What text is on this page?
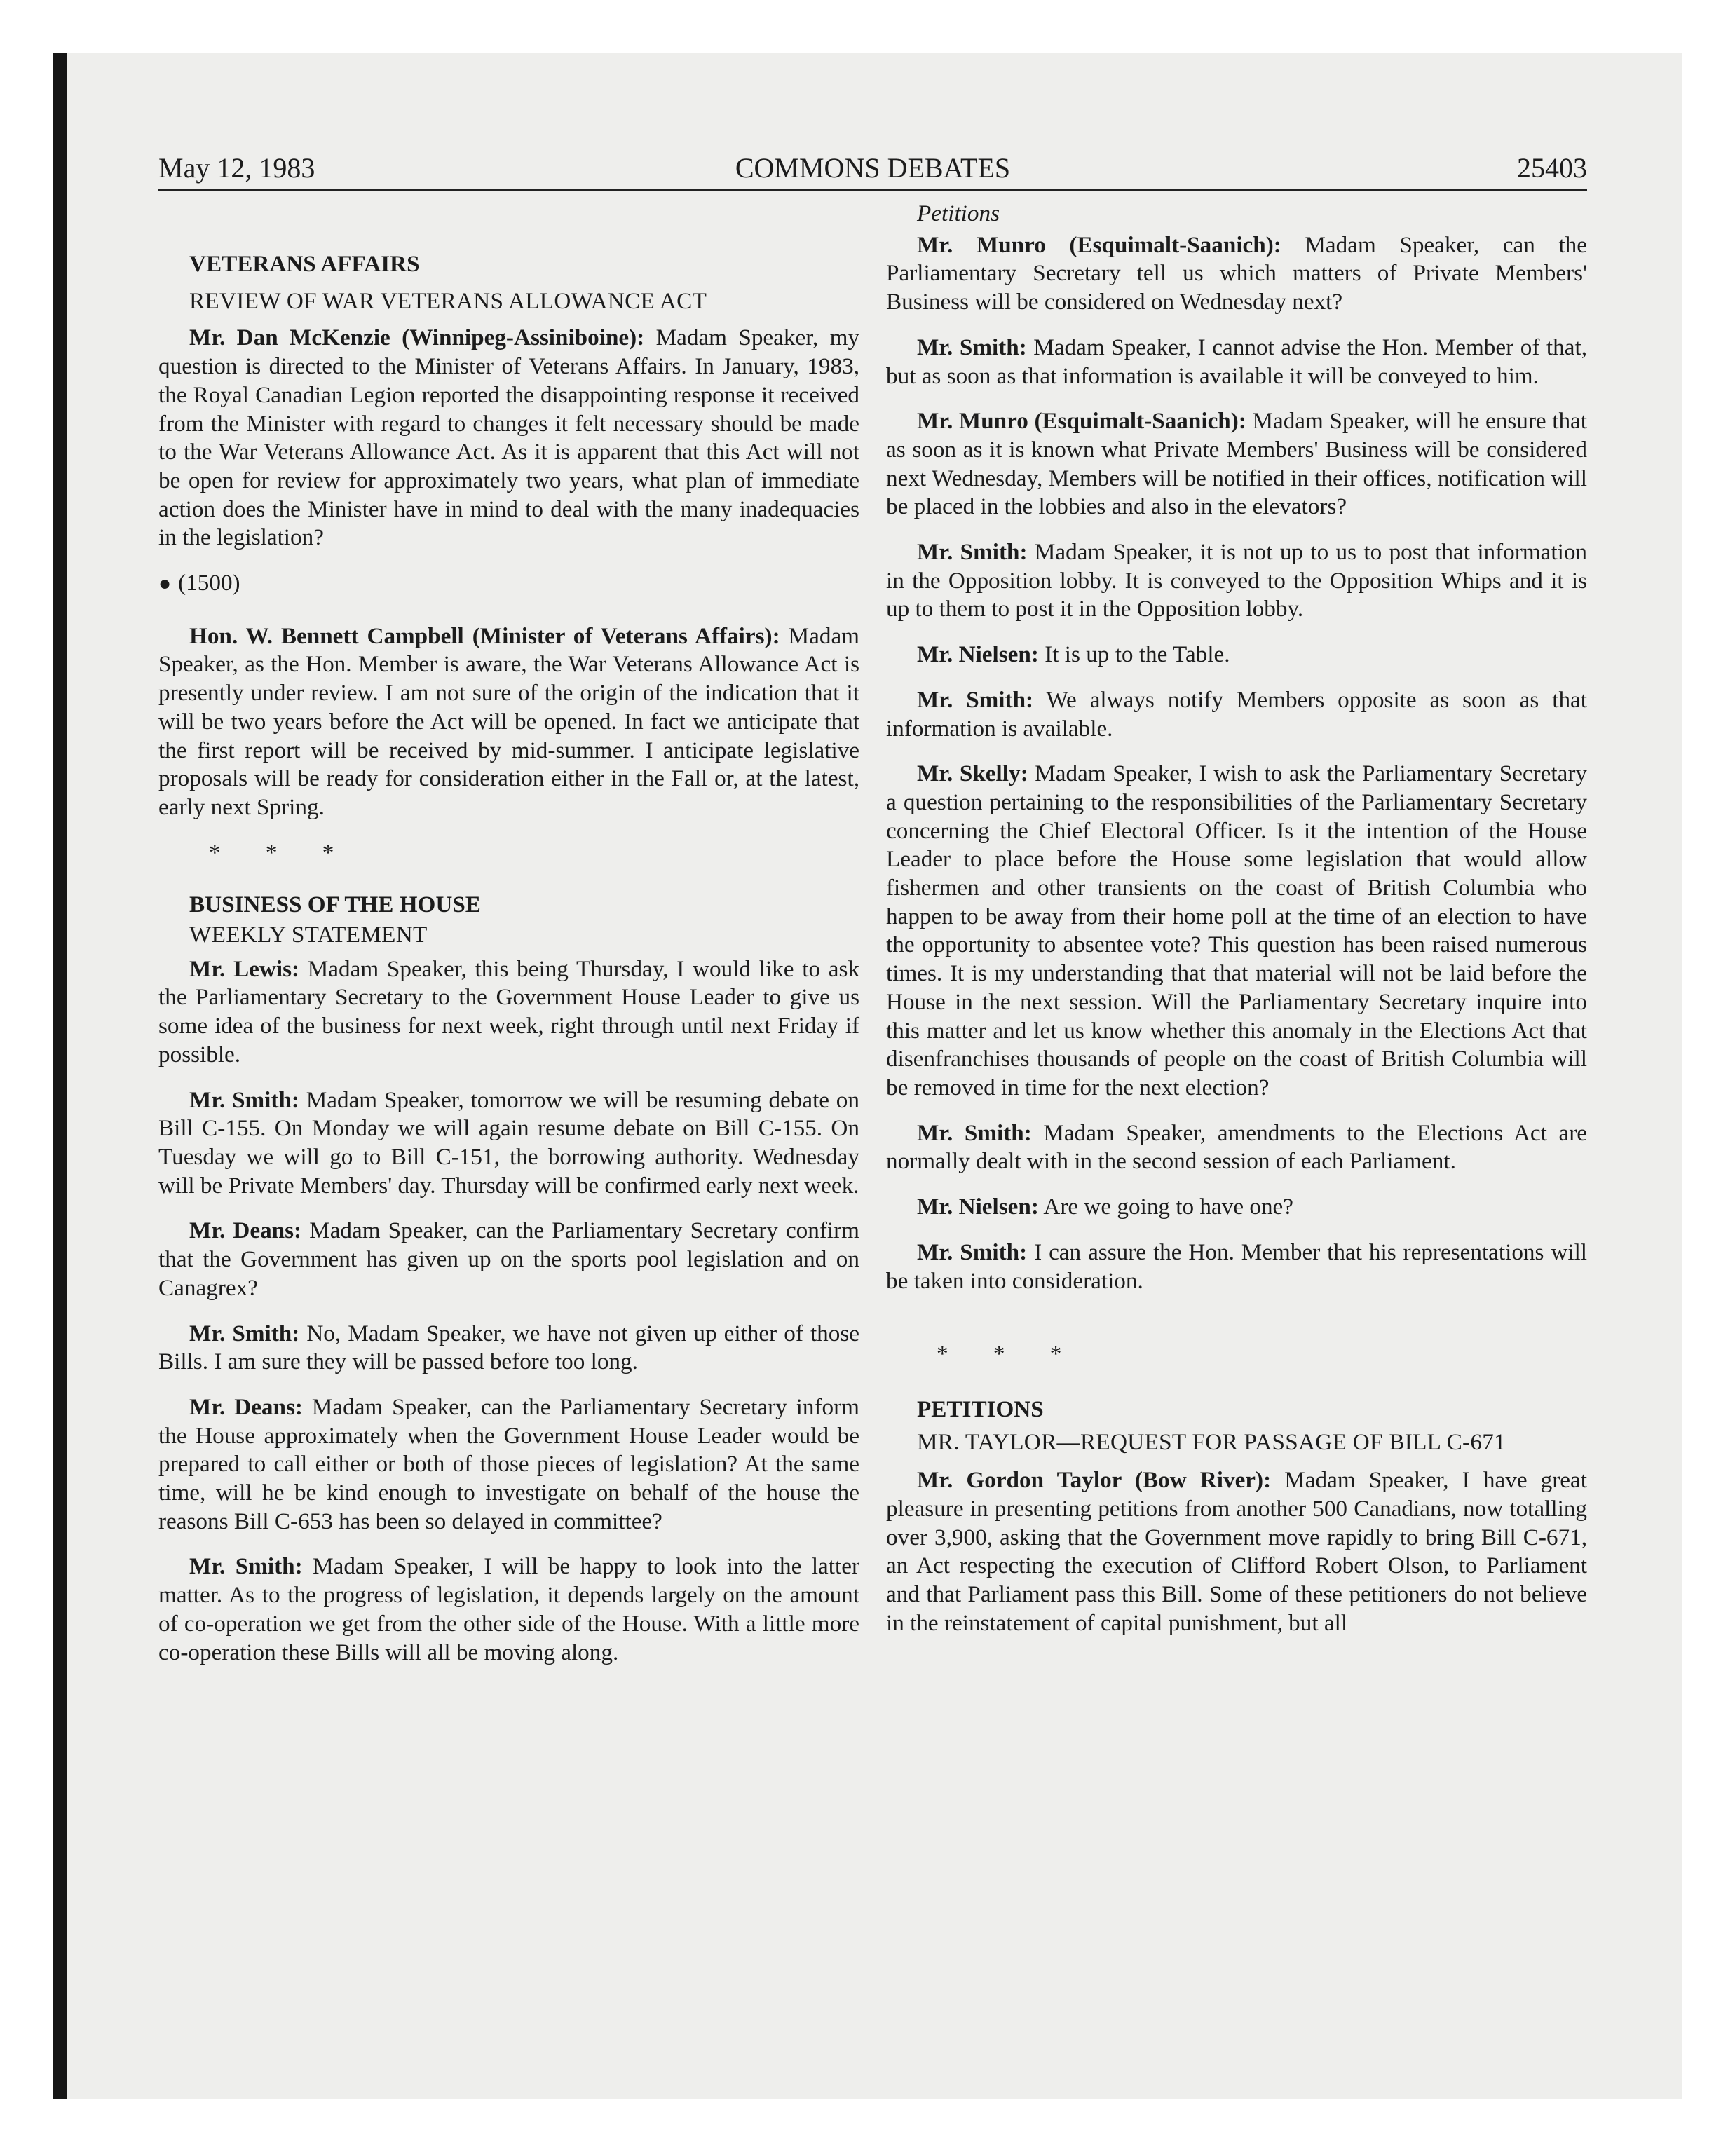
May 12, 1983	COMMONS DEBATES	25403

VETERANS AFFAIRS

REVIEW OF WAR VETERANS ALLOWANCE ACT

Mr. Dan McKenzie (Winnipeg-Assiniboine): Madam Speaker, my question is directed to the Minister of Veterans Affairs. In January, 1983, the Royal Canadian Legion reported the disappointing response it received from the Minister with regard to changes it felt necessary should be made to the War Veterans Allowance Act. As it is apparent that this Act will not be open for review for approximately two years, what plan of immediate action does the Minister have in mind to deal with the many inadequacies in the legislation?

● (1500)

Hon. W. Bennett Campbell (Minister of Veterans Affairs): Madam Speaker, as the Hon. Member is aware, the War Veterans Allowance Act is presently under review. I am not sure of the origin of the indication that it will be two years before the Act will be opened. In fact we anticipate that the first report will be received by mid-summer. I anticipate legislative proposals will be ready for consideration either in the Fall or, at the latest, early next Spring.

* * *

BUSINESS OF THE HOUSE

WEEKLY STATEMENT

Mr. Lewis: Madam Speaker, this being Thursday, I would like to ask the Parliamentary Secretary to the Government House Leader to give us some idea of the business for next week, right through until next Friday if possible.

Mr. Smith: Madam Speaker, tomorrow we will be resuming debate on Bill C-155. On Monday we will again resume debate on Bill C-155. On Tuesday we will go to Bill C-151, the borrowing authority. Wednesday will be Private Members' day. Thursday will be confirmed early next week.

Mr. Deans: Madam Speaker, can the Parliamentary Secretary confirm that the Government has given up on the sports pool legislation and on Canagrex?

Mr. Smith: No, Madam Speaker, we have not given up either of those Bills. I am sure they will be passed before too long.

Mr. Deans: Madam Speaker, can the Parliamentary Secretary inform the House approximately when the Government House Leader would be prepared to call either or both of those pieces of legislation? At the same time, will he be kind enough to investigate on behalf of the house the reasons Bill C-653 has been so delayed in committee?

Mr. Smith: Madam Speaker, I will be happy to look into the latter matter. As to the progress of legislation, it depends largely on the amount of co-operation we get from the other side of the House. With a little more co-operation these Bills will all be moving along.

Petitions

Mr. Munro (Esquimalt-Saanich): Madam Speaker, can the Parliamentary Secretary tell us which matters of Private Members' Business will be considered on Wednesday next?

Mr. Smith: Madam Speaker, I cannot advise the Hon. Member of that, but as soon as that information is available it will be conveyed to him.

Mr. Munro (Esquimalt-Saanich): Madam Speaker, will he ensure that as soon as it is known what Private Members' Business will be considered next Wednesday, Members will be notified in their offices, notification will be placed in the lobbies and also in the elevators?

Mr. Smith: Madam Speaker, it is not up to us to post that information in the Opposition lobby. It is conveyed to the Opposition Whips and it is up to them to post it in the Opposition lobby.

Mr. Nielsen: It is up to the Table.

Mr. Smith: We always notify Members opposite as soon as that information is available.

Mr. Skelly: Madam Speaker, I wish to ask the Parliamentary Secretary a question pertaining to the responsibilities of the Parliamentary Secretary concerning the Chief Electoral Officer. Is it the intention of the House Leader to place before the House some legislation that would allow fishermen and other transients on the coast of British Columbia who happen to be away from their home poll at the time of an election to have the opportunity to absentee vote? This question has been raised numerous times. It is my understanding that that material will not be laid before the House in the next session. Will the Parliamentary Secretary inquire into this matter and let us know whether this anomaly in the Elections Act that disenfranchises thousands of people on the coast of British Columbia will be removed in time for the next election?

Mr. Smith: Madam Speaker, amendments to the Elections Act are normally dealt with in the second session of each Parliament.

Mr. Nielsen: Are we going to have one?

Mr. Smith: I can assure the Hon. Member that his representations will be taken into consideration.

* * *

PETITIONS

MR. TAYLOR—REQUEST FOR PASSAGE OF BILL C-671

Mr. Gordon Taylor (Bow River): Madam Speaker, I have great pleasure in presenting petitions from another 500 Canadians, now totalling over 3,900, asking that the Government move rapidly to bring Bill C-671, an Act respecting the execution of Clifford Robert Olson, to Parliament and that Parliament pass this Bill. Some of these petitioners do not believe in the reinstatement of capital punishment, but all
